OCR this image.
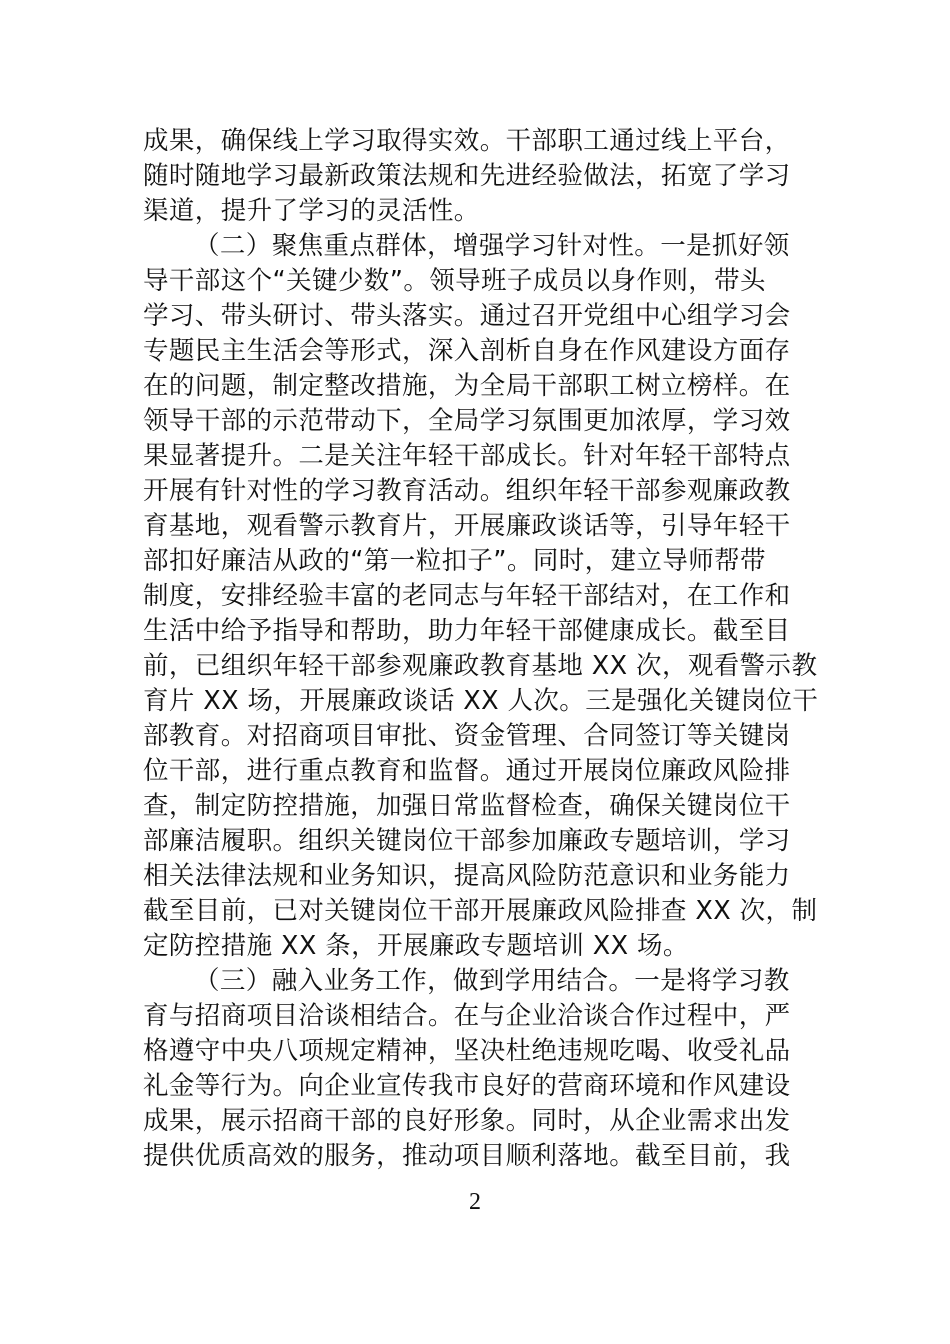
成果，确保线上学习取得实效。干部职工通过线上平台，
随时随地学习最新政策法规和先进经验做法，拓宽了学习
渠道，提升了学习的灵活性。
（二）聚焦重点群体，增强学习针对性。一是抓好领
导干部这个“关键少数”。领导班子成员以身作则，带头
学习、带头研讨、带头落实。通过召开党组中心组学习会
专题民主生活会等形式，深入剖析自身在作风建设方面存
在的问题，制定整改措施，为全局干部职工树立榜样。在
领导干部的示范带动下，全局学习氛围更加浓厚，学习效
果显著提升。二是关注年轻干部成长。针对年轻干部特点
开展有针对性的学习教育活动。组织年轻干部参观廉政教
育基地，观看警示教育片，开展廉政谈话等，引导年轻干
部扣好廉洁从政的“第一粒扣子”。同时，建立导师帮带
制度，安排经验丰富的老同志与年轻干部结对，在工作和
生活中给予指导和帮助，助力年轻干部健康成长。截至目
前，已组织年轻干部参观廉政教育基地 XX 次，观看警示教
育片 XX 场，开展廉政谈话 XX 人次。三是强化关键岗位干
部教育。对招商项目审批、资金管理、合同签订等关键岗
位干部，进行重点教育和监督。通过开展岗位廉政风险排
查，制定防控措施，加强日常监督检查，确保关键岗位干
部廉洁履职。组织关键岗位干部参加廉政专题培训，学习
相关法律法规和业务知识，提高风险防范意识和业务能力
截至目前，已对关键岗位干部开展廉政风险排查 XX 次，制
定防控措施 XX 条，开展廉政专题培训 XX 场。
（三）融入业务工作，做到学用结合。一是将学习教
育与招商项目洽谈相结合。在与企业洽谈合作过程中，严
格遵守中央八项规定精神，坚决杜绝违规吃喝、收受礼品
礼金等行为。向企业宣传我市良好的营商环境和作风建设
成果，展示招商干部的良好形象。同时，从企业需求出发
提供优质高效的服务，推动项目顺利落地。截至目前，我
2
